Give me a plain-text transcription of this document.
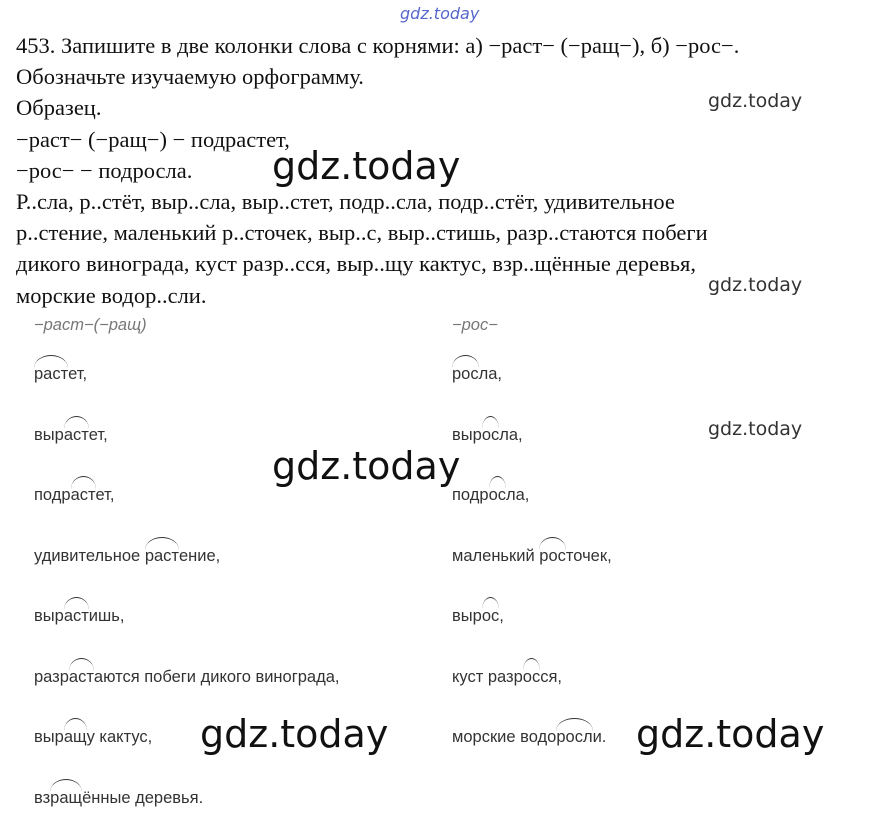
gdz.today
453. Запишите в две колонки слова с корнями: а) −раст− (−ращ−), б) −рос−.
Обозначьте изучаемую орфограмму.
Образец.
−раст− (−ращ−) − подрастет,
−рос− − подросла.
Р..сла, р..стёт, выр..сла, выр..стет, подр..сла, подр..стёт, удивительное
р..стение, маленький р..сточек, выр..с, выр..стишь, разр..стаются побеги
дикого винограда, куст разр..сся, выр..щу кактус, взр..щённые деревья,
морские водор..сли.
−раст−(−ращ)	−рос−
раст
ет,
выраст
ет,
подраст
ет,
удивительное раст
ение,
выраст
ишь,
разраст
аются побеги дикого винограда,
выращ
у кактус,
взращ
ённые деревья.
рос
ла,
вырос
ла,
подрос
ла,
маленький рос
точек,
вырос
,
куст разрос
ся,
морские водоросл
и.
gdz.today
gdz.today
gdz.today
gdz.today
gdz.today
gdz.today	gdz.today
